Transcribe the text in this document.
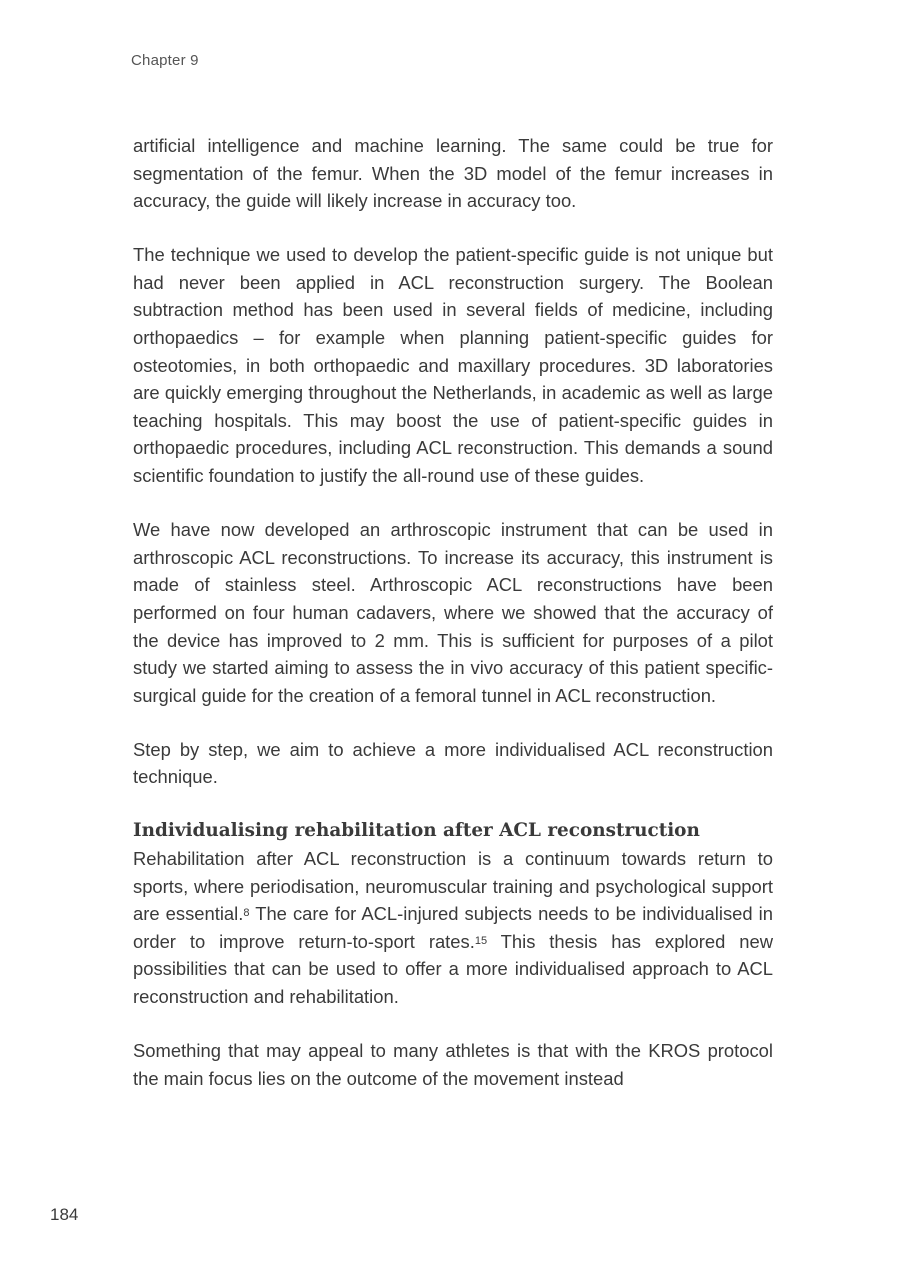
Chapter 9

artificial intelligence and machine learning. The same could be true for segmentation of the femur. When the 3D model of the femur increases in accuracy, the guide will likely increase in accuracy too.

The technique we used to develop the patient-specific guide is not unique but had never been applied in ACL reconstruction surgery. The Boolean subtraction method has been used in several fields of medicine, including orthopaedics – for example when planning patient-specific guides for osteotomies, in both orthopaedic and maxillary procedures. 3D laboratories are quickly emerging throughout the Netherlands, in academic as well as large teaching hospitals. This may boost the use of patient-specific guides in orthopaedic procedures, including ACL reconstruction. This demands a sound scientific foundation to justify the all-round use of these guides.

We have now developed an arthroscopic instrument that can be used in arthroscopic ACL reconstructions. To increase its accuracy, this instrument is made of stainless steel. Arthroscopic ACL reconstructions have been performed on four human cadavers, where we showed that the accuracy of the device has improved to 2 mm. This is sufficient for purposes of a pilot study we started aiming to assess the in vivo accuracy of this patient specific-surgical guide for the creation of a femoral tunnel in ACL reconstruction.

Step by step, we aim to achieve a more individualised ACL reconstruction technique.

Individualising rehabilitation after ACL reconstruction

Rehabilitation after ACL reconstruction is a continuum towards return to sports, where periodisation, neuromuscular training and psychological support are essential.$^8$ The care for ACL-injured subjects needs to be individualised in order to improve return-to-sport rates.$^{15}$ This thesis has explored new possibilities that can be used to offer a more individualised approach to ACL reconstruction and rehabilitation.

Something that may appeal to many athletes is that with the KROS protocol the main focus lies on the outcome of the movement instead

184
